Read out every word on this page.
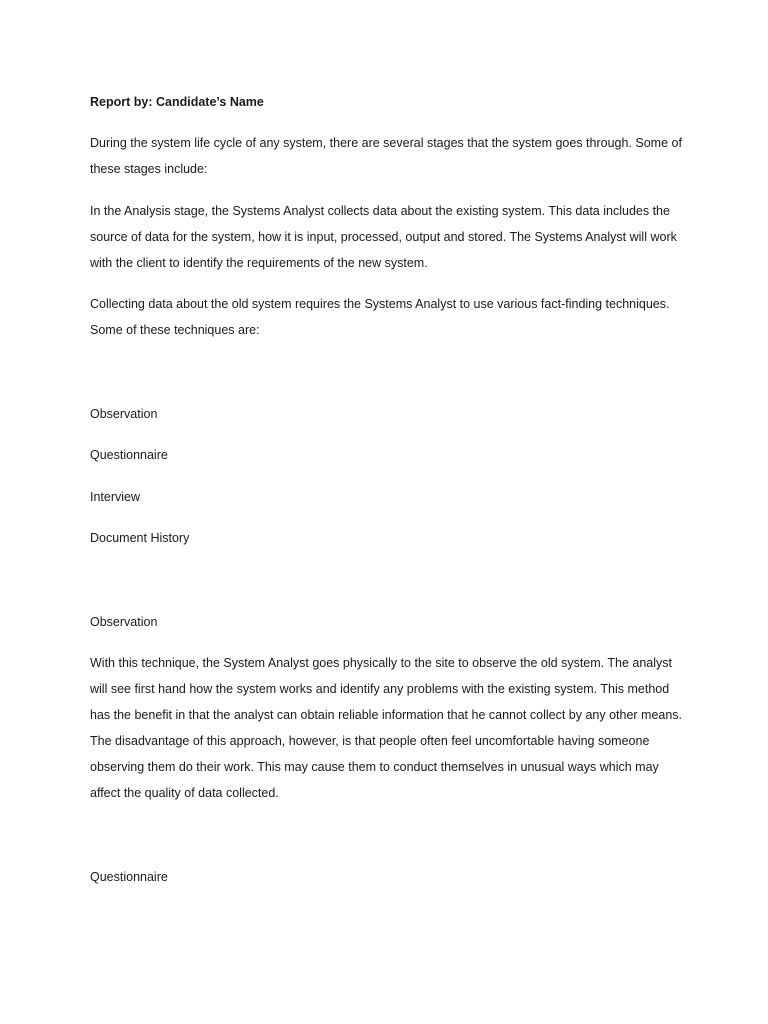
Report by: Candidate’s Name

During the system life cycle of any system, there are several stages that the system goes through. Some of these stages include:

In the Analysis stage, the Systems Analyst collects data about the existing system. This data includes the source of data for the system, how it is input, processed, output and stored. The Systems Analyst will work with the client to identify the requirements of the new system.

Collecting data about the old system requires the Systems Analyst to use various fact-finding techniques. Some of these techniques are:

Observation

Questionnaire

Interview

Document History

Observation

With this technique, the System Analyst goes physically to the site to observe the old system. The analyst will see first hand how the system works and identify any problems with the existing system. This method has the benefit in that the analyst can obtain reliable information that he cannot collect by any other means. The disadvantage of this approach, however, is that people often feel uncomfortable having someone observing them do their work. This may cause them to conduct themselves in unusual ways which may affect the quality of data collected.

Questionnaire
